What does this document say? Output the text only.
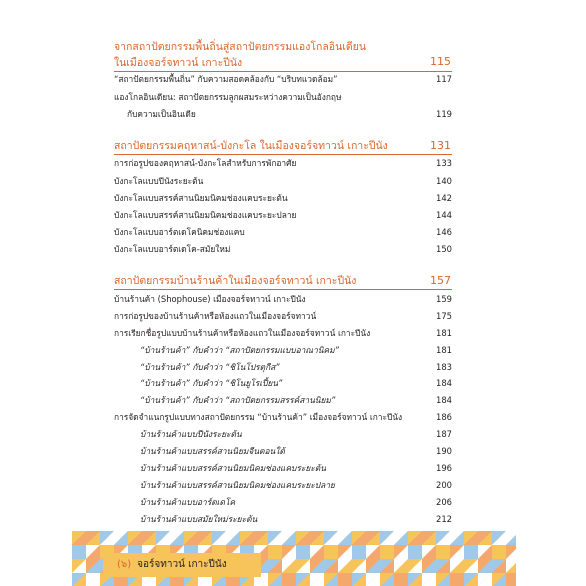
จากสถาปัตยกรรมพื้นถิ่นสู่สถาปัตยกรรมแองโกลอินเดียน
ในเมืองจอร์จทาวน์ เกาะปีนัง	115
“สถาปัตยกรรมพื้นถิ่น” กับความสอดคล้องกับ “บริบทแวดล้อม”	117
แองโกลอินเดียน: สถาปัตยกรรมลูกผสมระหว่างความเป็นอังกฤษ
กับความเป็นอินเดีย	119
สถาปัตยกรรมคฤหาสน์-บังกะโล ในเมืองจอร์จทาวน์ เกาะปีนัง	131
การก่อรูปของคฤหาสน์-บังกะโลสำหรับการพักอาศัย	133
บังกะโลแบบปีนังระยะต้น	140
บังกะโลแบบสรรค์สานนิยมนิคมช่องแคบระยะต้น	142
บังกะโลแบบสรรค์สานนิยมนิคมช่องแคบระยะปลาย	144
บังกะโลแบบอาร์ตเดโคนิคมช่องแคบ	146
บังกะโลแบบอาร์ตเดโค-สมัยใหม่	150
สถาปัตยกรรมบ้านร้านค้าในเมืองจอร์จทาวน์ เกาะปีนัง	157
บ้านร้านค้า (Shophouse) เมืองจอร์จทาวน์ เกาะปีนัง	159
การก่อรูปของบ้านร้านค้าหรือห้องแถวในเมืองจอร์จทาวน์	175
การเรียกชื่อรูปแบบบ้านร้านค้าหรือห้องแถวในเมืองจอร์จทาวน์ เกาะปีนัง	181
“บ้านร้านค้า” กับคำว่า “สถาปัตยกรรมแบบอาณานิคม”	181
“บ้านร้านค้า” กับคำว่า “ชิโนโปรตุกีส”	183
“บ้านร้านค้า” กับคำว่า “ชิโนยูโรเปี้ยน”	184
“บ้านร้านค้า” กับคำว่า “สถาปัตยกรรมสรรค์สานนิยม”	184
การจัดจำแนกรูปแบบทางสถาปัตยกรรม “บ้านร้านค้า” เมืองจอร์จทาวน์ เกาะปีนัง	186
บ้านร้านค้าแบบปีนังระยะต้น	187
บ้านร้านค้าแบบสรรค์สานนิยมจีนตอนใต้	190
บ้านร้านค้าแบบสรรค์สานนิยมนิคมช่องแคบระยะต้น	196
บ้านร้านค้าแบบสรรค์สานนิยมนิคมช่องแคบระยะปลาย	200
บ้านร้านค้าแบบอาร์ตเดโค	206
บ้านร้านค้าแบบสมัยใหม่ระยะต้น	212
(๖) จอร์จทาวน์ เกาะปีนัง
